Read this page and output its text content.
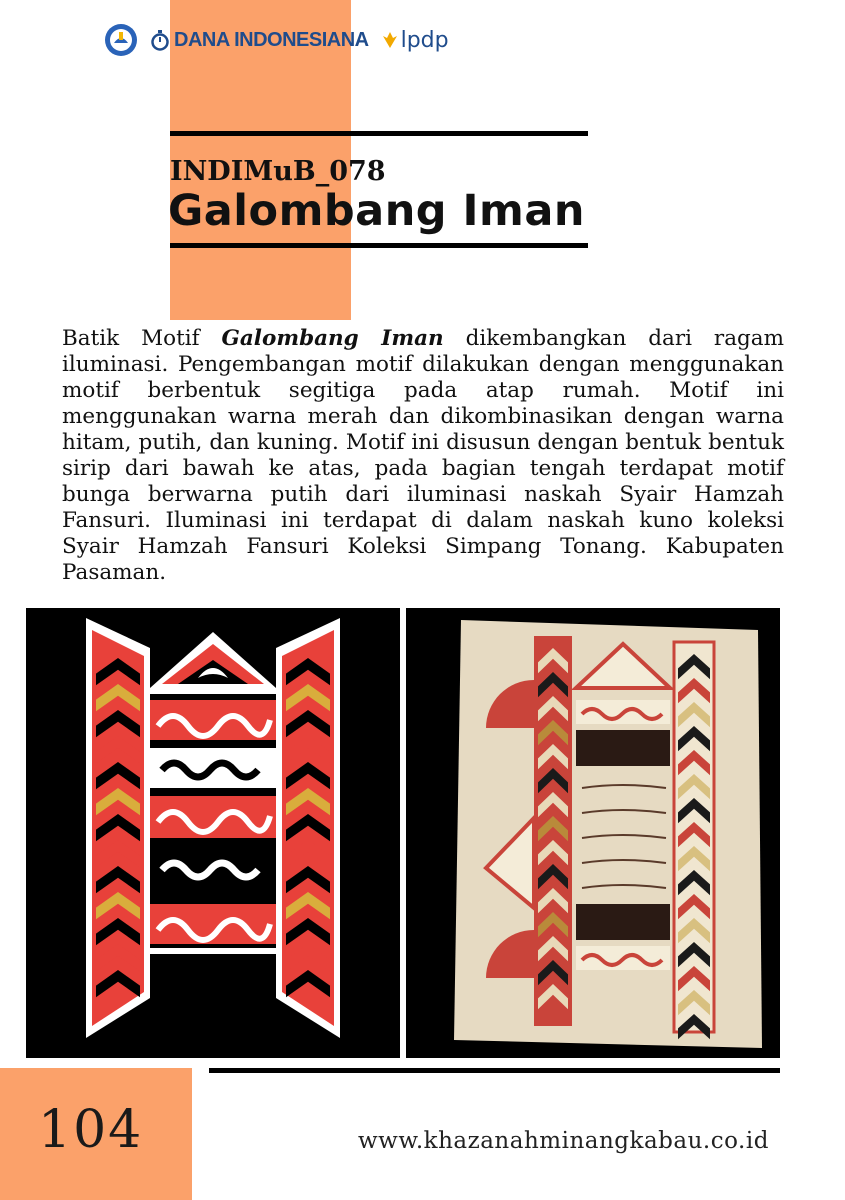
DANA INDONESIANA lpdp
INDIMuB_078
Galombang Iman

Batik Motif Galombang Iman dikembangkan dari ragam iluminasi. Pengembangan motif dilakukan dengan menggunakan motif berbentuk segitiga pada atap rumah. Motif ini menggunakan warna merah dan dikombinasikan dengan warna hitam, putih, dan kuning. Motif ini disusun dengan bentuk bentuk sirip dari bawah ke atas, pada bagian tengah terdapat motif bunga berwarna putih dari iluminasi naskah Syair Hamzah Fansuri. Iluminasi ini terdapat di dalam naskah kuno koleksi Syair Hamzah Fansuri Koleksi Simpang Tonang. Kabupaten Pasaman.

104	www.khazanahminangkabau.co.id
